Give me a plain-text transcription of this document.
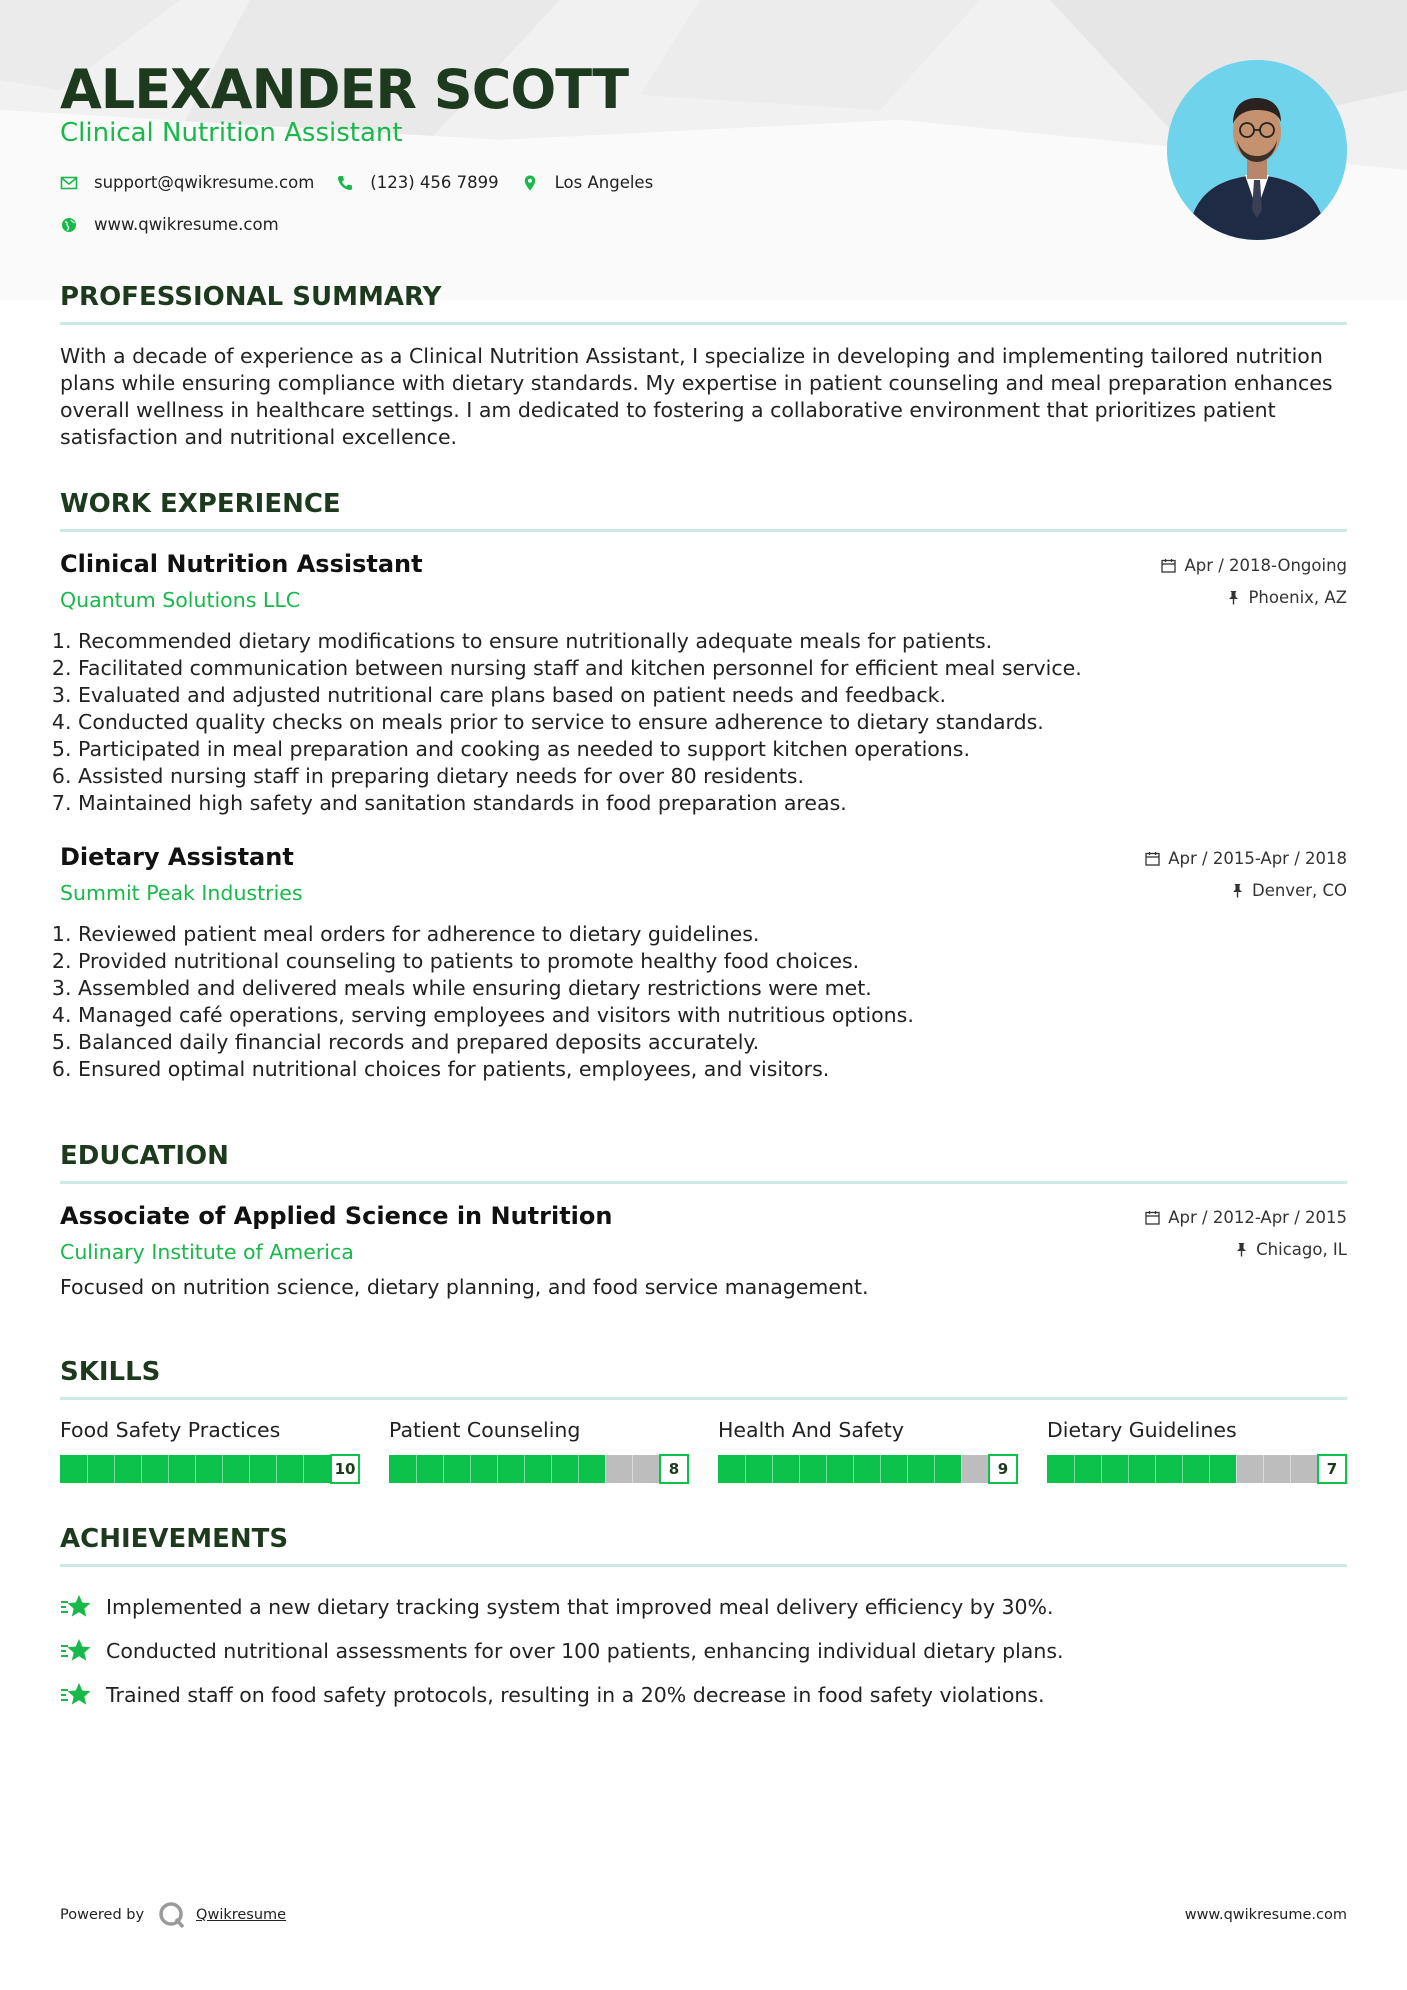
ALEXANDER SCOTT
Clinical Nutrition Assistant
support@qwikresume.com	(123) 456 7899	Los Angeles
www.qwikresume.com
PROFESSIONAL SUMMARY

With a decade of experience as a Clinical Nutrition Assistant, I specialize in developing and implementing tailored nutrition plans while ensuring compliance with dietary standards. My expertise in patient counseling and meal preparation enhances overall wellness in healthcare settings. I am dedicated to fostering a collaborative environment that prioritizes patient satisfaction and nutritional excellence.

WORK EXPERIENCE
Clinical Nutrition Assistant
Quantum Solutions LLC
Apr / 2018-Ongoing
Phoenix, AZ
1. Recommended dietary modifications to ensure nutritionally adequate meals for patients.
2. Facilitated communication between nursing staff and kitchen personnel for efficient meal service.
3. Evaluated and adjusted nutritional care plans based on patient needs and feedback.
4. Conducted quality checks on meals prior to service to ensure adherence to dietary standards.
5. Participated in meal preparation and cooking as needed to support kitchen operations.
6. Assisted nursing staff in preparing dietary needs for over 80 residents.
7. Maintained high safety and sanitation standards in food preparation areas.
Dietary Assistant
Summit Peak Industries
Apr / 2015-Apr / 2018
Denver, CO
1. Reviewed patient meal orders for adherence to dietary guidelines.
2. Provided nutritional counseling to patients to promote healthy food choices.
3. Assembled and delivered meals while ensuring dietary restrictions were met.
4. Managed café operations, serving employees and visitors with nutritious options.
5. Balanced daily financial records and prepared deposits accurately.
6. Ensured optimal nutritional choices for patients, employees, and visitors.
EDUCATION
Associate of Applied Science in Nutrition
Culinary Institute of America
Apr / 2012-Apr / 2015
Chicago, IL

Focused on nutrition science, dietary planning, and food service management.

SKILLS
Food Safety Practices
10
Patient Counseling
8
Health And Safety
9
Dietary Guidelines
7
ACHIEVEMENTS
Implemented a new dietary tracking system that improved meal delivery efficiency by 30%.
Conducted nutritional assessments for over 100 patients, enhancing individual dietary plans.
Trained staff on food safety protocols, resulting in a 20% decrease in food safety violations.
Powered by	Qwikresume	www.qwikresume.com
